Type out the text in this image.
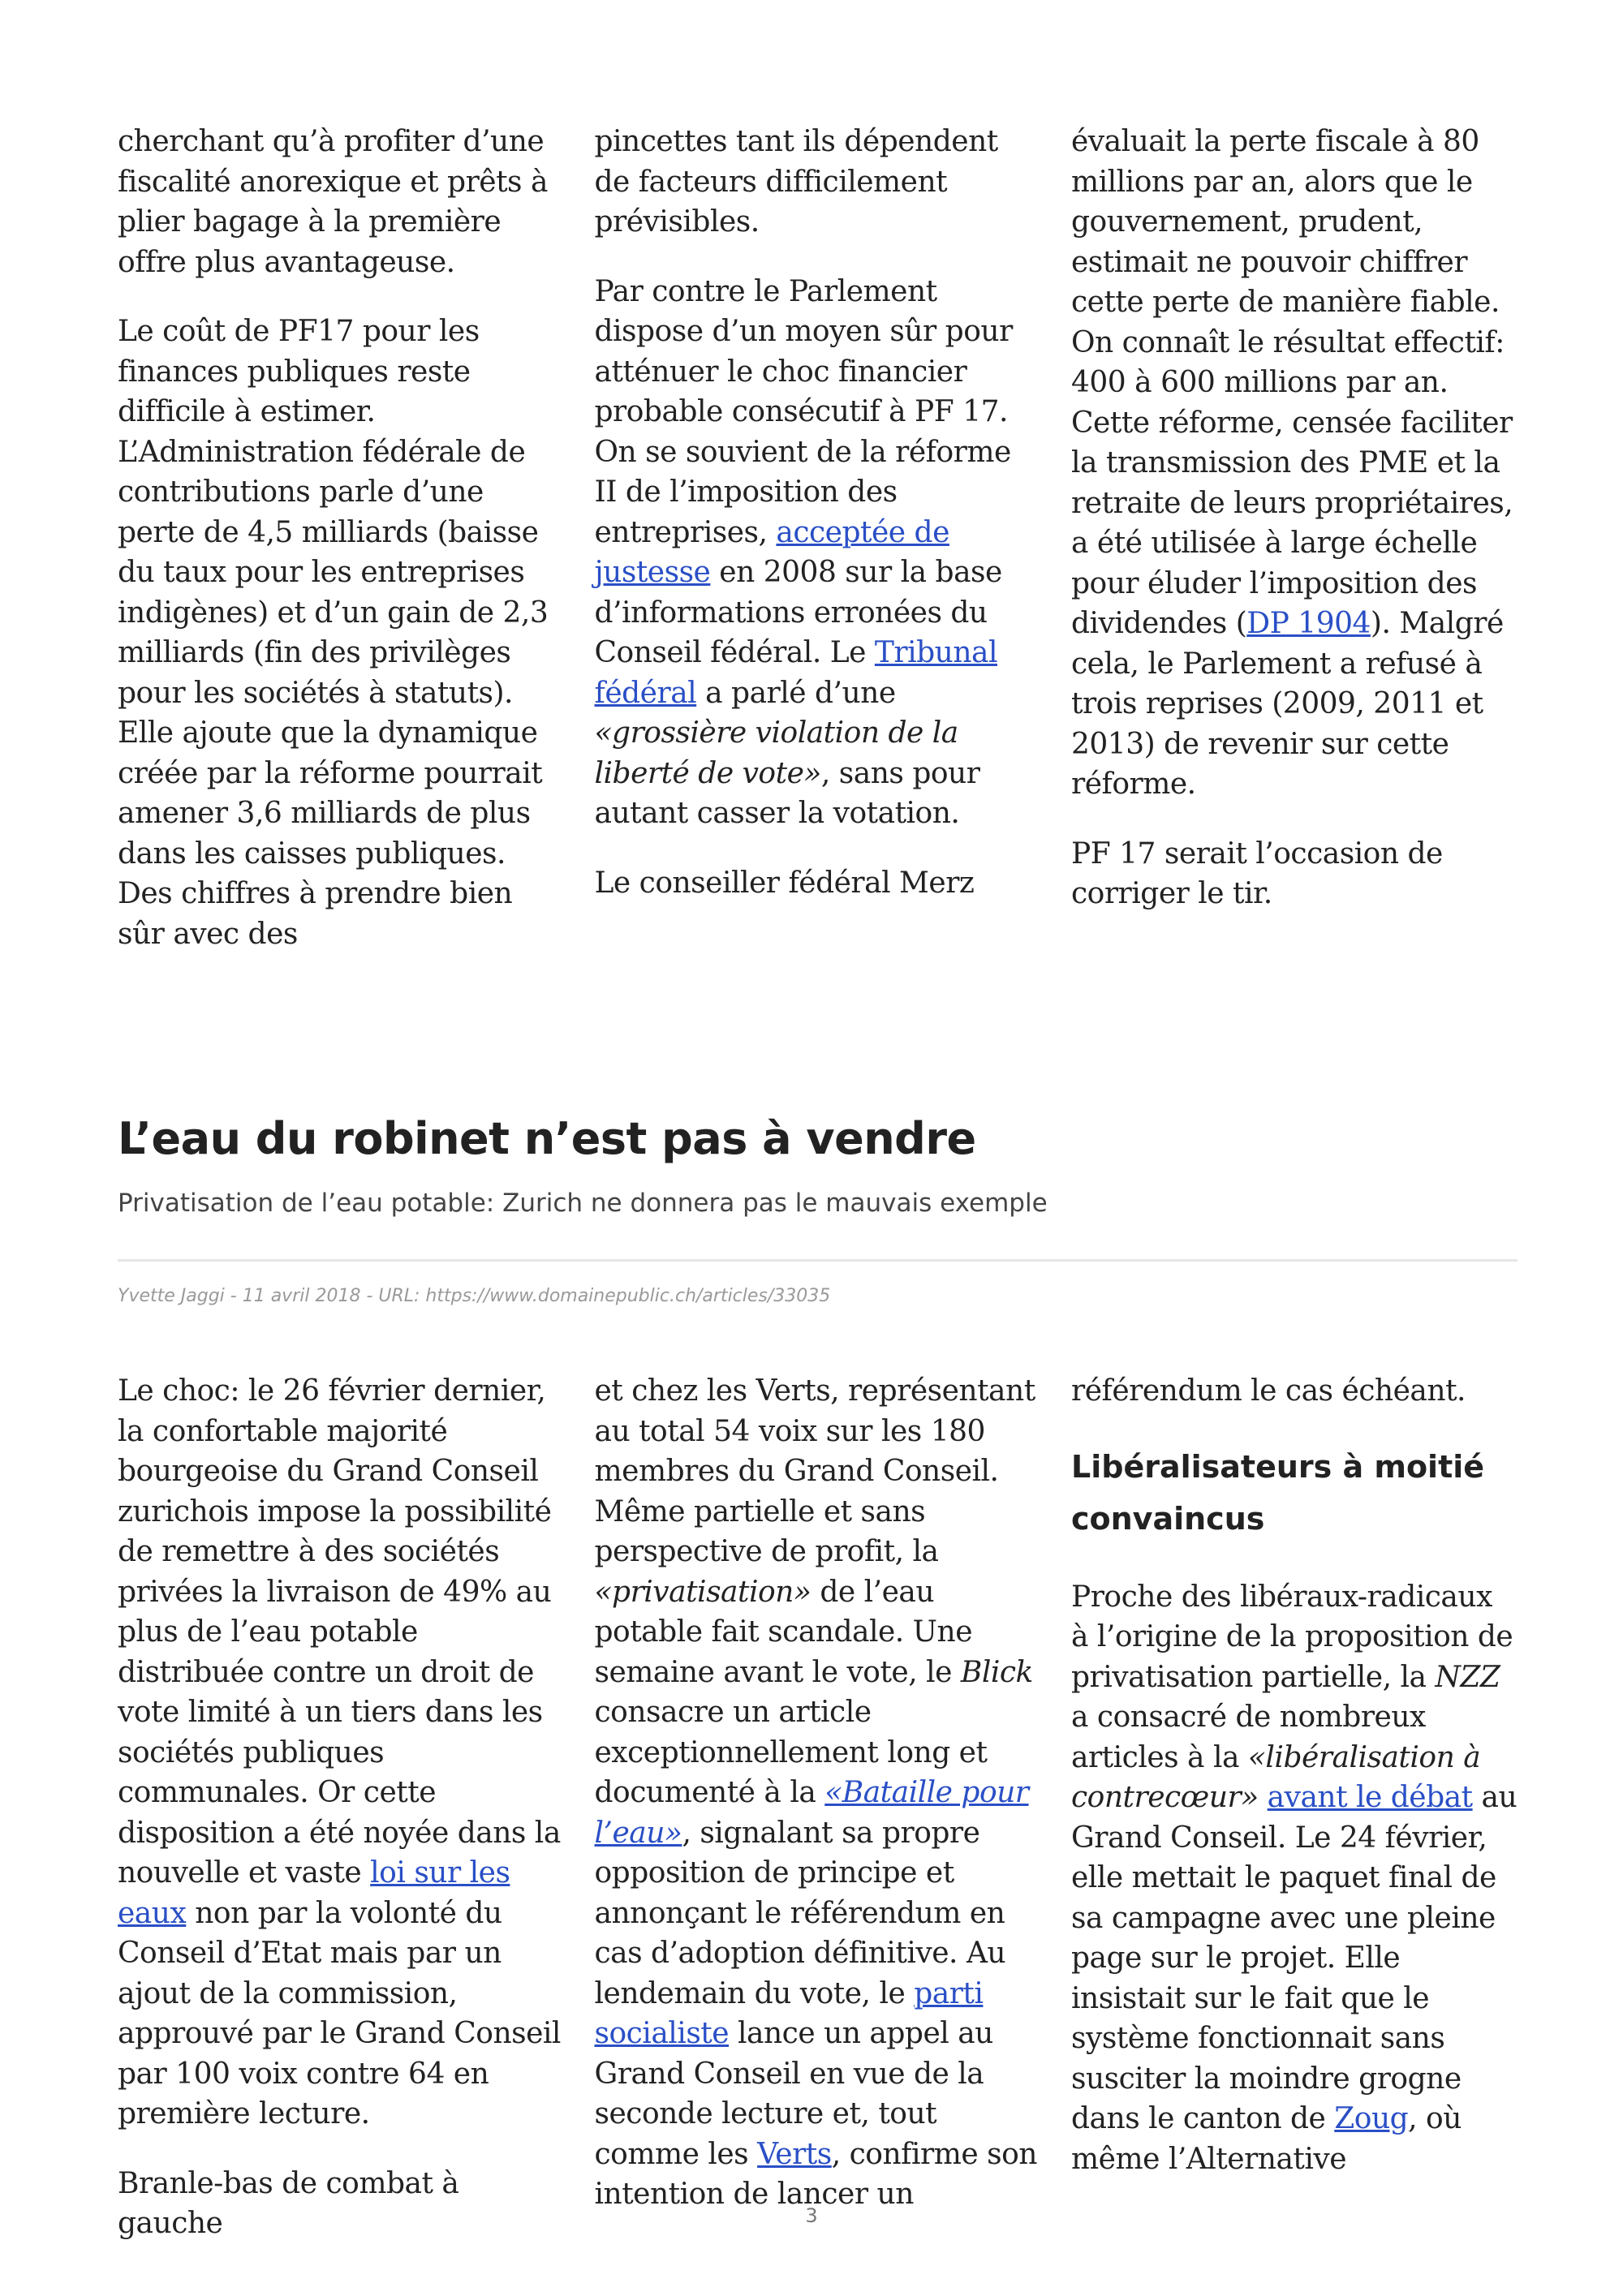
cherchant qu’à profiter d’une fiscalité anorexique et prêts à plier bagage à la première offre plus avantageuse.

Le coût de PF17 pour les finances publiques reste difficile à estimer. L’Administration fédérale de contributions parle d’une perte de 4,5 milliards (baisse du taux pour les entreprises indigènes) et d’un gain de 2,3 milliards (fin des privilèges pour les sociétés à statuts). Elle ajoute que la dynamique créée par la réforme pourrait amener 3,6 milliards de plus dans les caisses publiques. Des chiffres à prendre bien sûr avec des

pincettes tant ils dépendent de facteurs difficilement prévisibles.

Par contre le Parlement dispose d’un moyen sûr pour atténuer le choc financier probable consécutif à PF 17. On se souvient de la réforme II de l’imposition des entreprises, acceptée de justesse en 2008 sur la base d’informations erronées du Conseil fédéral. Le Tribunal fédéral a parlé d’une «grossière violation de la liberté de vote», sans pour autant casser la votation.

Le conseiller fédéral Merz

évaluait la perte fiscale à 80 millions par an, alors que le gouvernement, prudent, estimait ne pouvoir chiffrer cette perte de manière fiable. On connaît le résultat effectif: 400 à 600 millions par an. Cette réforme, censée faciliter la transmission des PME et la retraite de leurs propriétaires, a été utilisée à large échelle pour éluder l’imposition des dividendes (DP 1904). Malgré cela, le Parlement a refusé à trois reprises (2009, 2011 et 2013) de revenir sur cette réforme.

PF 17 serait l’occasion de corriger le tir.

L’eau du robinet n’est pas à vendre

Privatisation de l’eau potable: Zurich ne donnera pas le mauvais exemple

Yvette Jaggi - 11 avril 2018 - URL: https://www.domainepublic.ch/articles/33035

Le choc: le 26 février dernier, la confortable majorité bourgeoise du Grand Conseil zurichois impose la possibilité de remettre à des sociétés privées la livraison de 49% au plus de l’eau potable distribuée contre un droit de vote limité à un tiers dans les sociétés publiques communales. Or cette disposition a été noyée dans la nouvelle et vaste loi sur les eaux non par la volonté du Conseil d’Etat mais par un ajout de la commission, approuvé par le Grand Conseil par 100 voix contre 64 en première lecture.

Branle-bas de combat à gauche

et chez les Verts, représentant au total 54 voix sur les 180 membres du Grand Conseil. Même partielle et sans perspective de profit, la «privatisation» de l’eau potable fait scandale. Une semaine avant le vote, le Blick consacre un article exceptionnellement long et documenté à la «Bataille pour l’eau», signalant sa propre opposition de principe et annonçant le référendum en cas d’adoption définitive. Au lendemain du vote, le parti socialiste lance un appel au Grand Conseil en vue de la seconde lecture et, tout comme les Verts, confirme son intention de lancer un

référendum le cas échéant.

Libéralisateurs à moitié convaincus

Proche des libéraux-radicaux à l’origine de la proposition de privatisation partielle, la NZZ a consacré de nombreux articles à la «libéralisation à contrecœur» avant le débat au Grand Conseil. Le 24 février, elle mettait le paquet final de sa campagne avec une pleine page sur le projet. Elle insistait sur le fait que le système fonctionnait sans susciter la moindre grogne dans le canton de Zoug, où même l’Alternative

3
